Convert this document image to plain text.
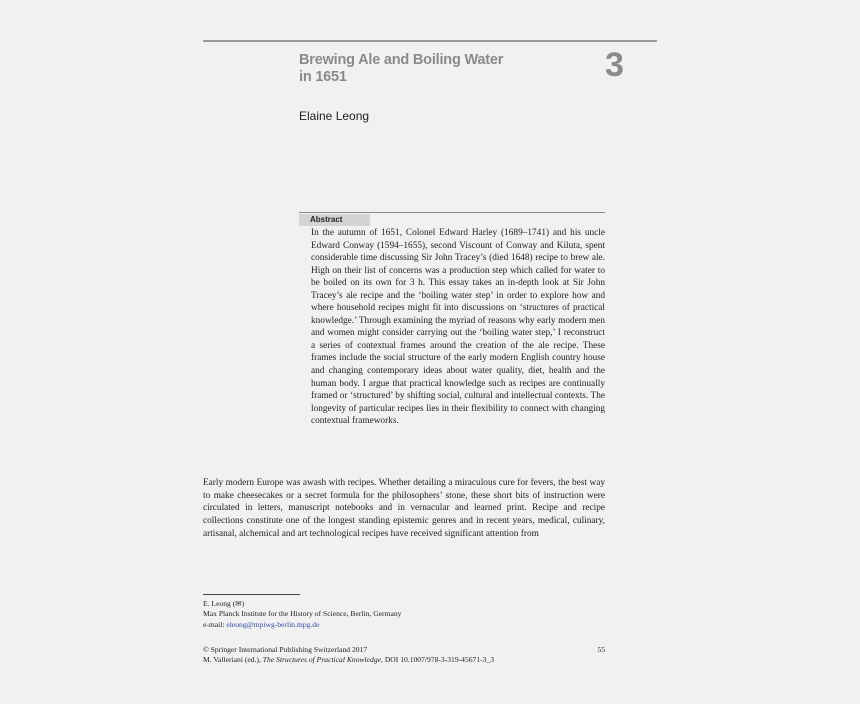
Brewing Ale and Boiling Water
in 1651	3
Elaine Leong
Abstract
In the autumn of 1651, Colonel Edward Harley (1689–1741) and his uncle Edward Conway (1594–1655), second Viscount of Conway and Kiluta, spent considerable time discussing Sir John Tracey’s (died 1648) recipe to brew ale. High on their list of concerns was a production step which called for water to be boiled on its own for 3 h. This essay takes an in-depth look at Sir John Tracey’s ale recipe and the ‘boiling water step’ in order to explore how and where household recipes might fit into discussions on ‘structures of practical knowledge.’ Through examining the myriad of reasons why early modern men and women might consider carrying out the ‘boiling water step,’ I reconstruct a series of contextual frames around the creation of the ale recipe. These frames include the social structure of the early modern English country house and changing contemporary ideas about water quality, diet, health and the human body. I argue that practical knowledge such as recipes are continually framed or ‘structured’ by shifting social, cultural and intellectual contexts. The longevity of particular recipes lies in their flexibility to connect with changing contextual frameworks.
Early modern Europe was awash with recipes. Whether detailing a miraculous cure for fevers, the best way to make cheesecakes or a secret formula for the philosophers’ stone, these short bits of instruction were circulated in letters, manuscript notebooks and in vernacular and learned print. Recipe and recipe collections constitute one of the longest standing epistemic genres and in recent years, medical, culinary, artisanal, alchemical and art technological recipes have received significant attention from
E. Leong (✉)
Max Planck Institute for the History of Science, Berlin, Germany
e-mail: eleong@mpiwg-berlin.mpg.de
© Springer International Publishing Switzerland 2017
M. Valleriani (ed.), The Structures of Practical Knowledge, DOI 10.1007/978-3-319-45671-3_3
55
